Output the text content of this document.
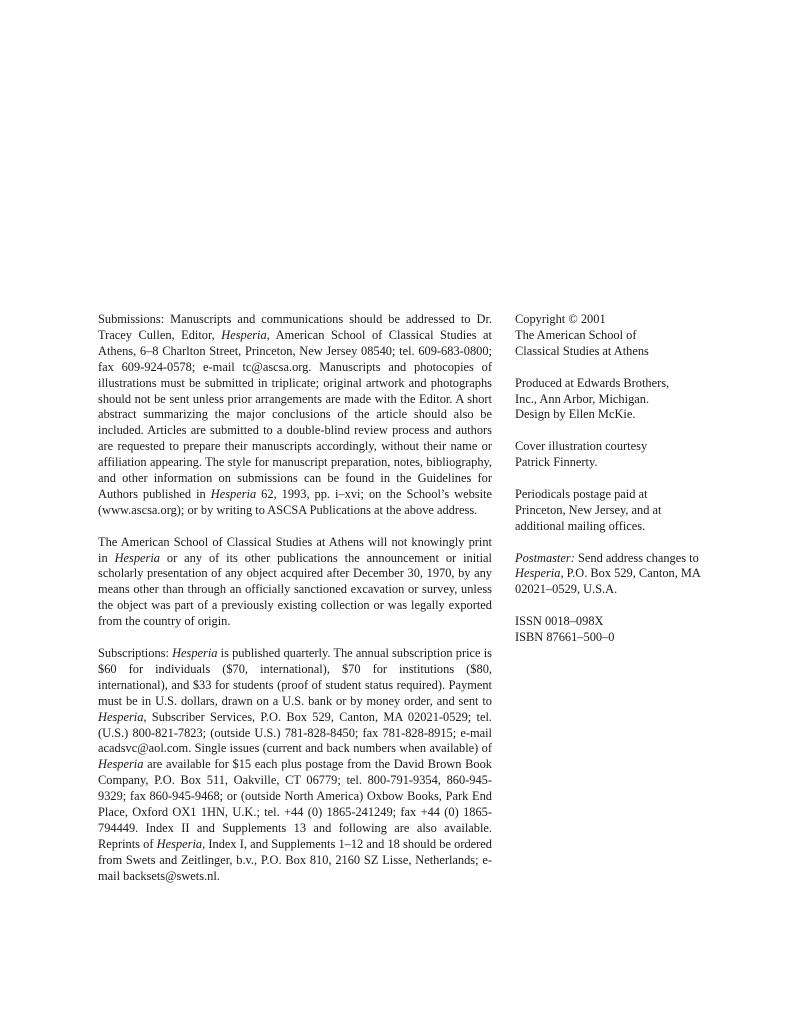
Submissions: Manuscripts and communications should be addressed to Dr. Tracey Cullen, Editor, Hesperia, American School of Classical Studies at Athens, 6–8 Charlton Street, Princeton, New Jersey 08540; tel. 609-683-0800; fax 609-924-0578; e-mail tc@ascsa.org. Manuscripts and photocopies of illustrations must be submitted in triplicate; original artwork and photographs should not be sent unless prior arrangements are made with the Editor. A short abstract summarizing the major conclusions of the article should also be included. Articles are submitted to a double-blind review process and authors are requested to prepare their manuscripts accordingly, without their name or affiliation appearing. The style for manuscript preparation, notes, bibliography, and other information on submissions can be found in the Guidelines for Authors published in Hesperia 62, 1993, pp. i–xvi; on the School’s website (www.ascsa.org); or by writing to ASCSA Publications at the above address.

The American School of Classical Studies at Athens will not knowingly print in Hesperia or any of its other publications the announcement or initial scholarly presentation of any object acquired after December 30, 1970, by any means other than through an officially sanctioned excavation or survey, unless the object was part of a previously existing collection or was legally exported from the country of origin.

Subscriptions: Hesperia is published quarterly. The annual subscription price is $60 for individuals ($70, international), $70 for institutions ($80, international), and $33 for students (proof of student status required). Payment must be in U.S. dollars, drawn on a U.S. bank or by money order, and sent to Hesperia, Subscriber Services, P.O. Box 529, Canton, MA 02021-0529; tel. (U.S.) 800-821-7823; (outside U.S.) 781-828-8450; fax 781-828-8915; e-mail acadsvc@aol.com. Single issues (current and back numbers when available) of Hesperia are available for $15 each plus postage from the David Brown Book Company, P.O. Box 511, Oakville, CT 06779; tel. 800-791-9354, 860-945-9329; fax 860-945-9468; or (outside North America) Oxbow Books, Park End Place, Oxford OX1 1HN, U.K.; tel. +44 (0) 1865-241249; fax +44 (0) 1865-794449. Index II and Supplements 13 and following are also available. Reprints of Hesperia, Index I, and Supplements 1–12 and 18 should be ordered from Swets and Zeitlinger, b.v., P.O. Box 810, 2160 SZ Lisse, Netherlands; e-mail backsets@swets.nl.

Copyright © 2001
The American School of
Classical Studies at Athens

Produced at Edwards Brothers,
Inc., Ann Arbor, Michigan.
Design by Ellen McKie.

Cover illustration courtesy
Patrick Finnerty.

Periodicals postage paid at
Princeton, New Jersey, and at
additional mailing offices.

Postmaster: Send address changes to Hesperia, P.O. Box 529, Canton, MA 02021–0529, U.S.A.

ISSN 0018–098X
ISBN 87661–500–0
